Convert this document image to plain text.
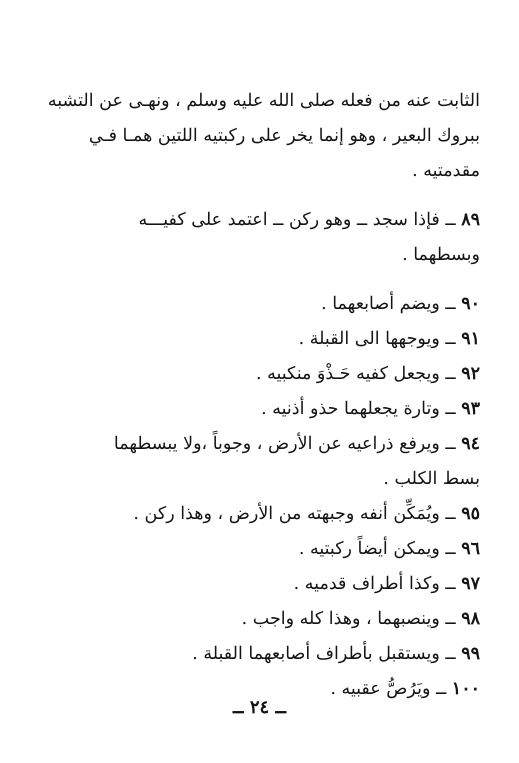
الثابت عنه من فعله صلى الله عليه وسلم ، ونهـى عن التشبه
ببروك البعير ، وهو إنما يخر على ركبتيه اللتين همـا فـي
مقدمتيه .
٨٩ ــ فإذا سجد ــ وهو ركن ــ اعتمد على كفيـــه
وبسطهما .
٩٠ ــ ويضم أصابعهما .
٩١ ــ ويوجهها الى القبلة .
٩٢ ــ ويجعل كفيه حَـذْوَ منكبيه .
٩٣ ــ وتارة يجعلهما حذو أذنيه .
٩٤ ــ ويرفع ذراعيه عن الأرض ، وجوباً ،ولا يبسطهما
بسط الكلب .
٩٥ ــ ويُمَكِّن أنفه وجبهته من الأرض ، وهذا ركن .
٩٦ ــ ويمكن أيضاً ركبتيه .
٩٧ ــ وكذا أطراف قدميه .
٩٨ ــ وينصبهما ، وهذا كله واجب .
٩٩ ــ ويستقبل بأطراف أصابعهما القبلة .
١٠٠ ــ ويَرُصُّ عقبيه .
ــ ٢٤ ــ
